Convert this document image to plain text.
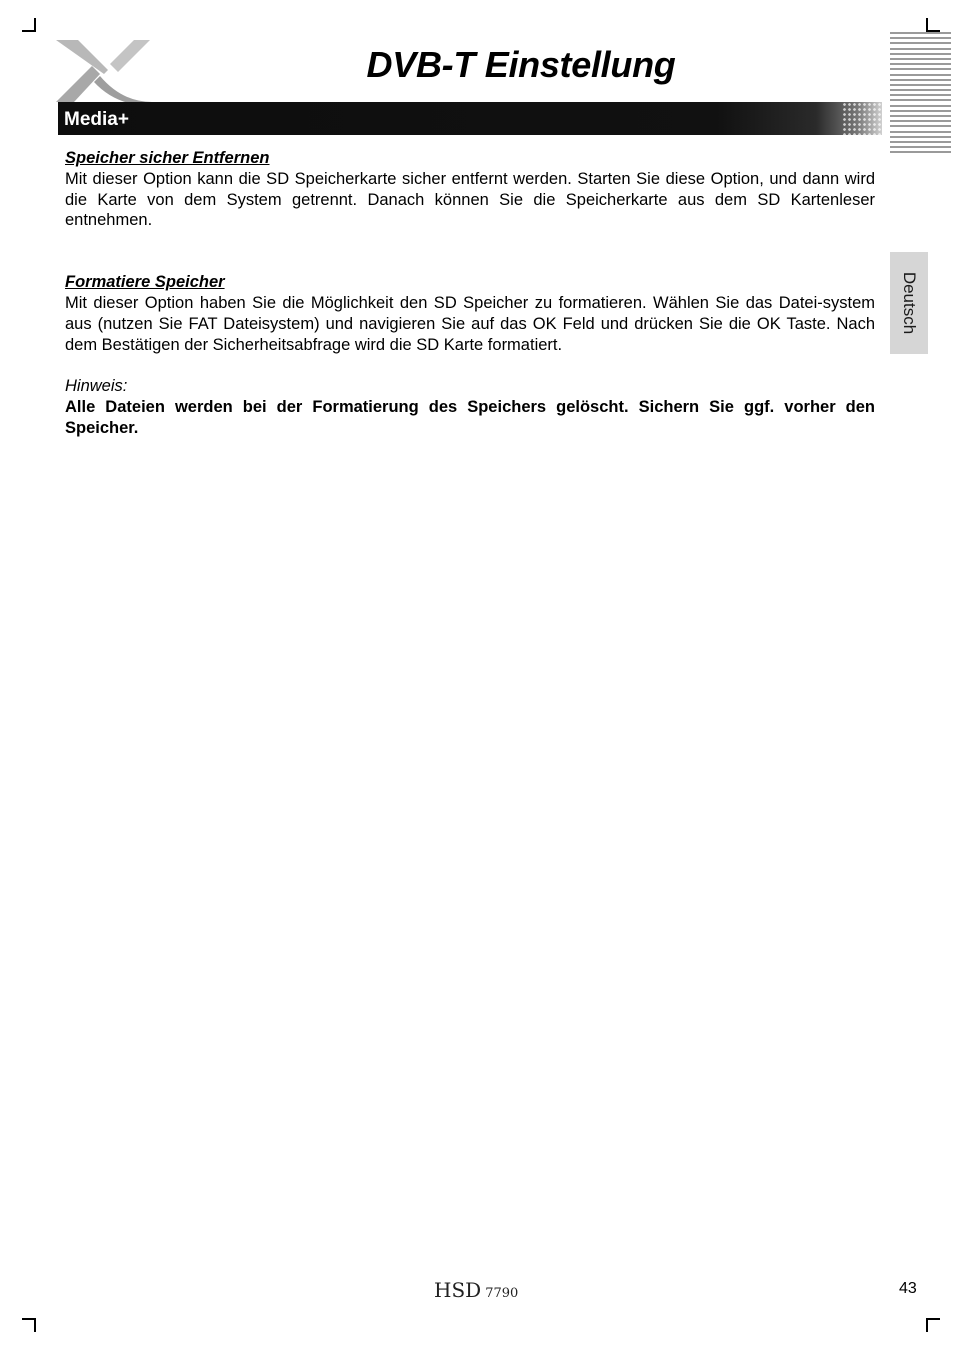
DVB-T Einstellung
Media+
Deutsch
Speicher sicher Entfernen

Mit dieser Option kann die SD Speicherkarte sicher entfernt werden. Starten Sie diese Option, und dann wird die Karte von dem System getrennt. Danach können Sie die Speicherkarte aus dem SD Kartenleser entnehmen.

Formatiere Speicher

Mit dieser Option haben Sie die Möglichkeit den SD Speicher zu formatieren. Wählen Sie das Datei-system aus (nutzen Sie FAT Dateisystem) und navigieren Sie auf das OK Feld und drücken Sie die OK Taste. Nach dem Bestätigen der Sicherheitsabfrage wird die SD Karte formatiert.

Hinweis:
Alle Dateien werden bei der Formatierung des Speichers gelöscht. Sichern Sie ggf. vorher den Speicher.
HSD 7790	43
